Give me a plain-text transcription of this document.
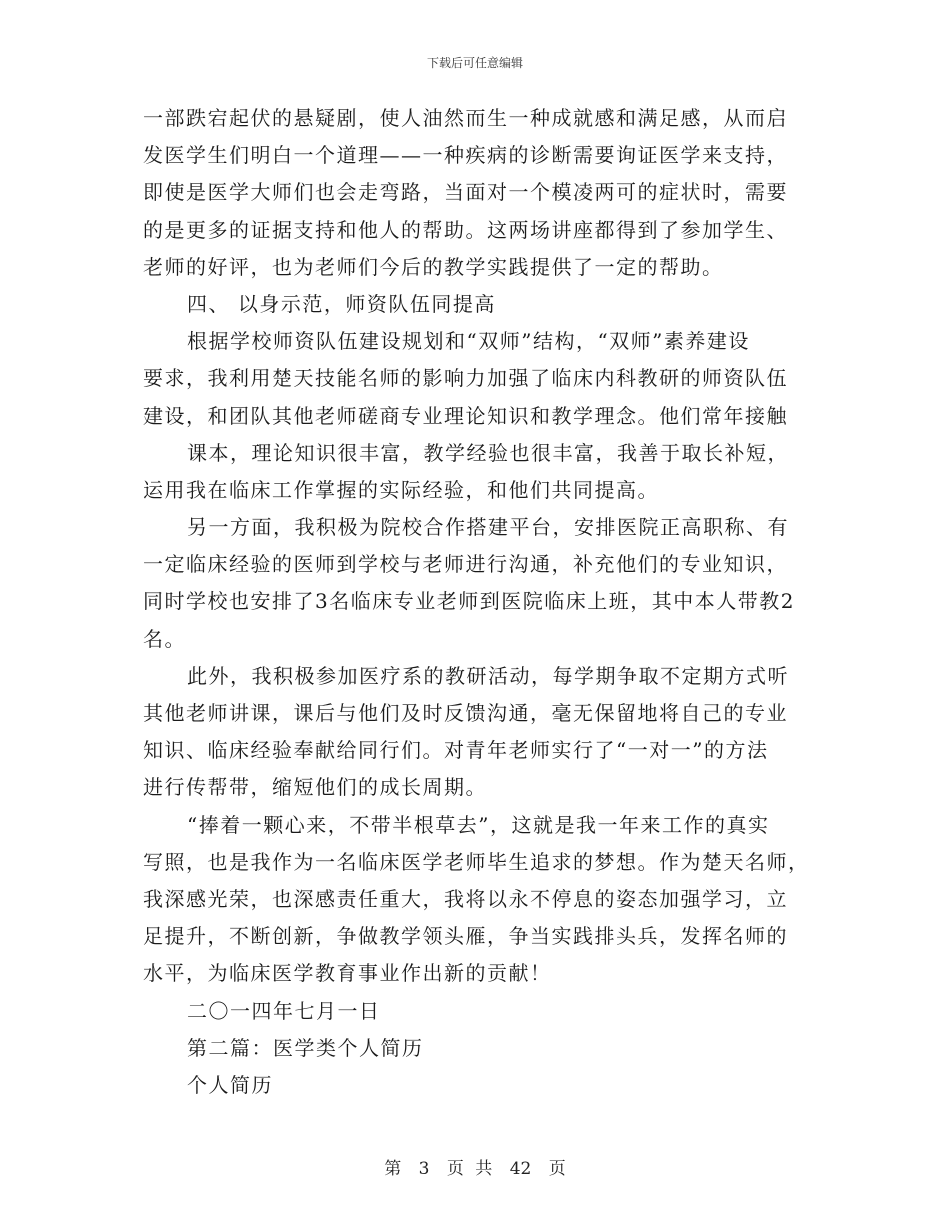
下载后可任意编辑
一部跌宕起伏的悬疑剧，使人油然而生一种成就感和满足感，从而启
发医学生们明白一个道理——一种疾病的诊断需要询证医学来支持，
即使是医学大师们也会走弯路，当面对一个模凌两可的症状时，需要
的是更多的证据支持和他人的帮助。这两场讲座都得到了参加学生、
老师的好评，也为老师们今后的教学实践提供了一定的帮助。
四、 以身示范，师资队伍同提高
根据学校师资队伍建设规划和“双师”结构，“双师”素养建设
要求，我利用楚天技能名师的影响力加强了临床内科教研的师资队伍
建设，和团队其他老师磋商专业理论知识和教学理念。他们常年接触
课本，理论知识很丰富，教学经验也很丰富，我善于取长补短，
运用我在临床工作掌握的实际经验，和他们共同提高。
另一方面，我积极为院校合作搭建平台，安排医院正高职称、有
一定临床经验的医师到学校与老师进行沟通，补充他们的专业知识，
同时学校也安排了3名临床专业老师到医院临床上班，其中本人带教2
名。
此外，我积极参加医疗系的教研活动，每学期争取不定期方式听
其他老师讲课，课后与他们及时反馈沟通，毫无保留地将自己的专业
知识、临床经验奉献给同行们。对青年老师实行了“一对一”的方法
进行传帮带，缩短他们的成长周期。
“捧着一颗心来，不带半根草去”，这就是我一年来工作的真实
写照，也是我作为一名临床医学老师毕生追求的梦想。作为楚天名师，
我深感光荣，也深感责任重大，我将以永不停息的姿态加强学习，立
足提升，不断创新，争做教学领头雁，争当实践排头兵，发挥名师的
水平，为临床医学教育事业作出新的贡献！
二〇一四年七月一日
第二篇：医学类个人简历
个人简历
第 3 页 共 42 页
